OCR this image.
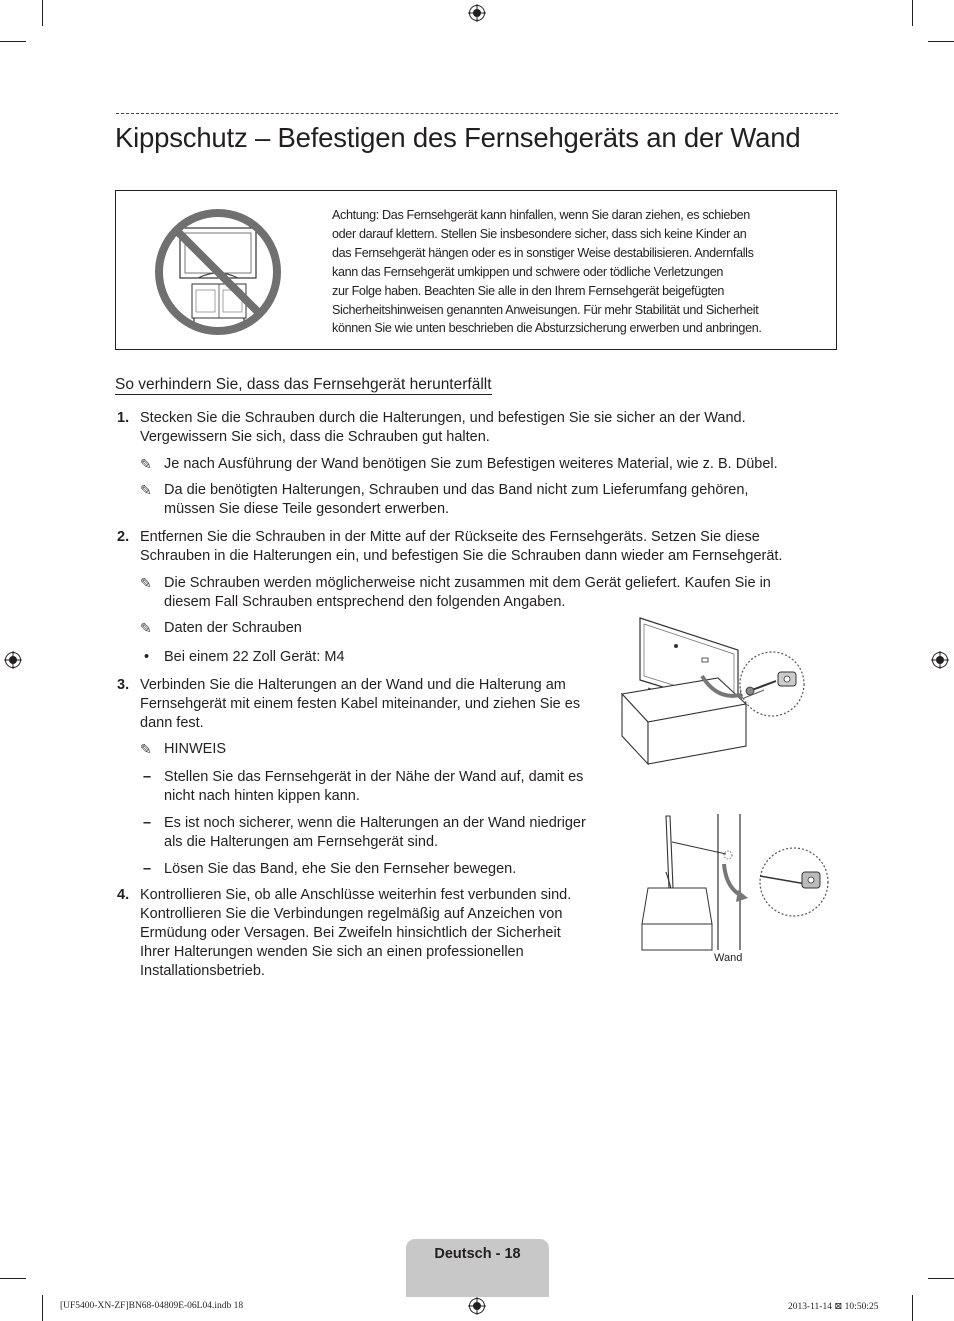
Kippschutz – Befestigen des Fernsehgeräts an der Wand
Achtung: Das Fernsehgerät kann hinfallen, wenn Sie daran ziehen, es schieben
oder darauf klettern. Stellen Sie insbesondere sicher, dass sich keine Kinder an
das Fernsehgerät hängen oder es in sonstiger Weise destabilisieren. Andernfalls
kann das Fernsehgerät umkippen und schwere oder tödliche Verletzungen
zur Folge haben. Beachten Sie alle in den Ihrem Fernsehgerät beigefügten
Sicherheitshinweisen genannten Anweisungen. Für mehr Stabilität und Sicherheit
können Sie wie unten beschrieben die Absturzsicherung erwerben und anbringen.
So verhindern Sie, dass das Fernsehgerät herunterfällt
1. Stecken Sie die Schrauben durch die Halterungen, und befestigen Sie sie sicher an der Wand.
Vergewissern Sie sich, dass die Schrauben gut halten.
✎ Je nach Ausführung der Wand benötigen Sie zum Befestigen weiteres Material, wie z. B. Dübel.
✎ Da die benötigten Halterungen, Schrauben und das Band nicht zum Lieferumfang gehören,
müssen Sie diese Teile gesondert erwerben.
2. Entfernen Sie die Schrauben in der Mitte auf der Rückseite des Fernsehgeräts. Setzen Sie diese
Schrauben in die Halterungen ein, und befestigen Sie die Schrauben dann wieder am Fernsehgerät.
✎ Die Schrauben werden möglicherweise nicht zusammen mit dem Gerät geliefert. Kaufen Sie in
diesem Fall Schrauben entsprechend den folgenden Angaben.
✎ Daten der Schrauben
• Bei einem 22 Zoll Gerät: M4
3. Verbinden Sie die Halterungen an der Wand und die Halterung am
Fernsehgerät mit einem festen Kabel miteinander, und ziehen Sie es
dann fest.
✎ HINWEIS
– Stellen Sie das Fernsehgerät in der Nähe der Wand auf, damit es
nicht nach hinten kippen kann.
– Es ist noch sicherer, wenn die Halterungen an der Wand niedriger
als die Halterungen am Fernsehgerät sind.
– Lösen Sie das Band, ehe Sie den Fernseher bewegen.
4. Kontrollieren Sie, ob alle Anschlüsse weiterhin fest verbunden sind.
Kontrollieren Sie die Verbindungen regelmäßig auf Anzeichen von
Ermüdung oder Versagen. Bei Zweifeln hinsichtlich der Sicherheit
Ihrer Halterungen wenden Sie sich an einen professionellen
Installationsbetrieb.
Wand
Deutsch - 18
[UF5400-XN-ZF]BN68-04809E-06L04.indb 18	2013-11-14 ⊠ 10:50:25
